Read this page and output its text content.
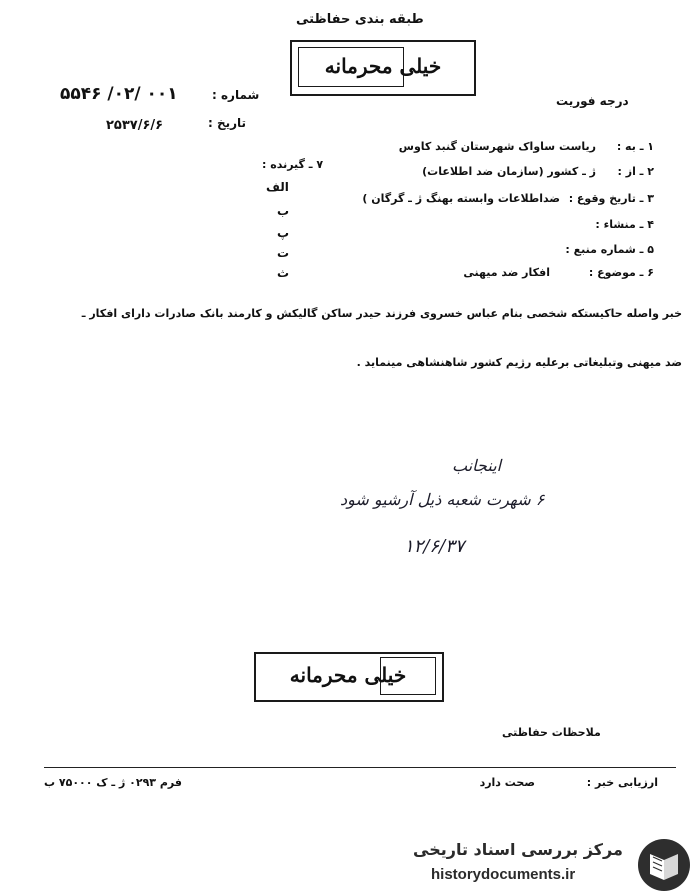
طبقه بندی حفاظتی
خیلی محرمانه
شماره :
۵۵۴۶ /۰۲/ ۰۰۱
تاریخ :
۲۵۳۷/۶/۶
درجه فوریت
۱ ـ به :
ریاست ساواک شهرستان گنبد کاوس
۲ ـ از :
ژ ـ کشور (سازمان ضد اطلاعات)
۳ ـ تاریخ وقوع :
ضداطلاعات وابسته بهنگ ژ ـ گرگان )
۴ ـ منشاء :
۵ ـ شماره منبع :
۶ ـ موضوع :
افکار ضد میهنی
۷ ـ گیرنده :
الف
ب
پ
ت
ث
خبر واصله حاکیستکه شخصی بنام عباس خسروی فرزند حیدر ساکن گالیکش و کارمند بانک صادرات دارای افکار ـ
ضد میهنی وتبلیغاتی برعلیه رژیم کشور شاهنشاهی مینماید .
اینجانب
۶ شهرت شعبه ذیل آرشیو شود
۱۲/۶/۳۷
خیلی محرمانه
ملاحظات حفاظتی
ارزیابی خبر :
صحت دارد
فرم ۰۲۹۳ ژ ـ ک ۷۵۰۰۰ ب
مرکز بررسی اسناد تاریخی
historydocuments.ir
